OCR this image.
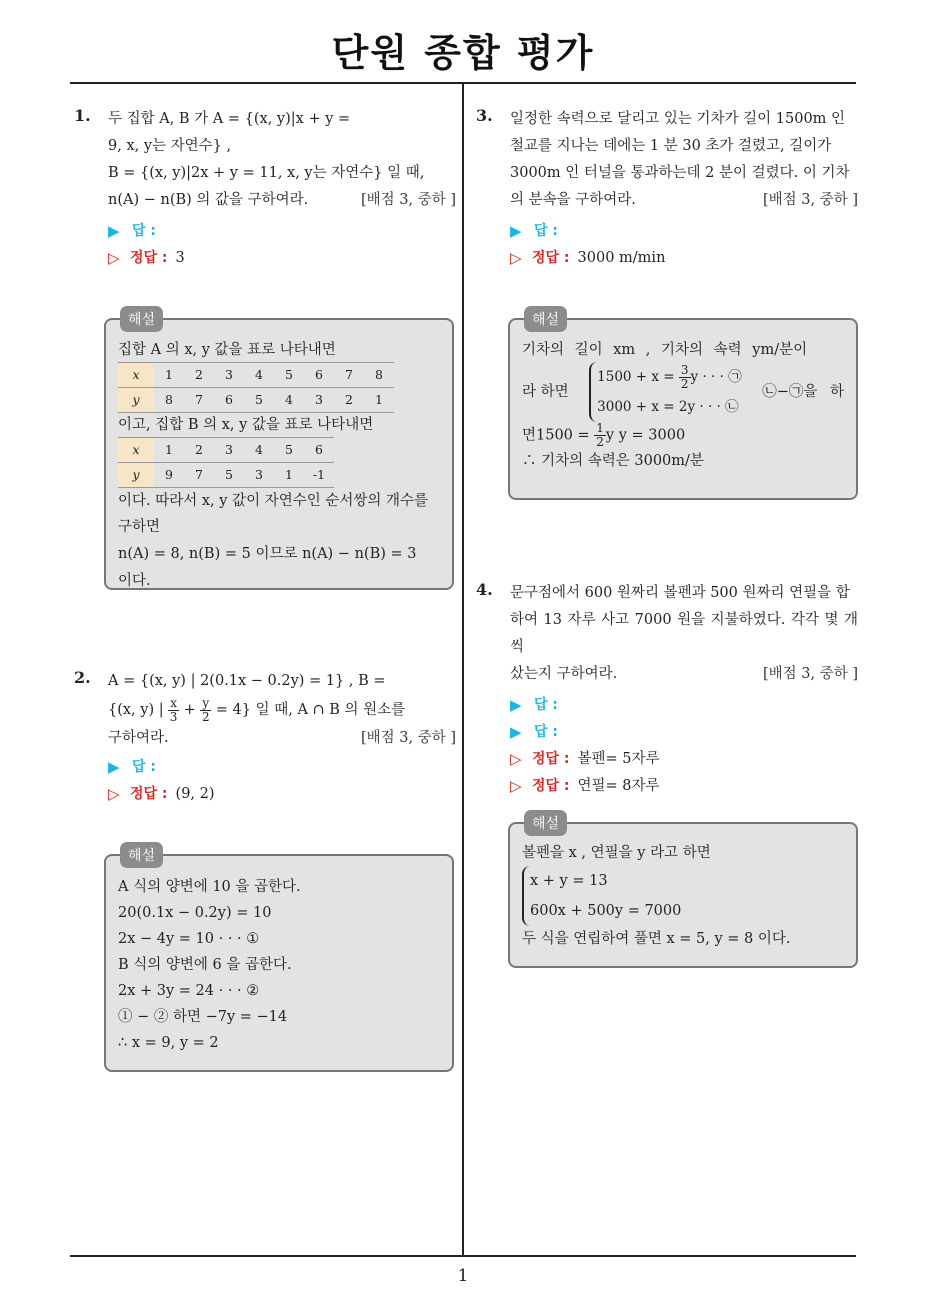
단원 종합 평가
1
1. 두 집합 A, B 가 A = {(x, y)|x + y =
9, x, y는 자연수} ,
B = {(x, y)|2x + y = 11, x, y는 자연수} 일 때,
n(A) − n(B) 의 값을 구하여라.	[배점 3, 중하 ]
▶ 답 :
▷ 정답 : 3
해설
집합 A 의 x, y 값을 표로 나타내면
x	1	2	3	4	5	6	7	8
y	8	7	6	5	4	3	2	1
이고, 집합 B 의 x, y 값을 표로 나타내면
x	1	2	3	4	5	6
y	9	7	5	3	1	-1
이다. 따라서 x, y 값이 자연수인 순서쌍의 개수를
구하면
n(A) = 8, n(B) = 5 이므로 n(A) − n(B) = 3
이다.
2. A = {(x, y) | 2(0.1x − 0.2y) = 1} , B =
{(x, y) | $\frac{x}{3} + \frac{y}{2} = 4$} 일 때, A ∩ B 의 원소를
구하여라.	[배점 3, 중하 ]
▶ 답 :
▷ 정답 : (9, 2)
해설
A 식의 양변에 10 을 곱한다.
20(0.1x − 0.2y) = 10
2x − 4y = 10 · · · ①
B 식의 양변에 6 을 곱한다.
2x + 3y = 24 · · · ②
① − ② 하면 −7y = −14
∴ x = 9, y = 2
3. 일정한 속력으로 달리고 있는 기차가 길이 1500m 인
철교를 지나는 데에는 1 분 30 초가 걸렸고, 길이가
3000m 인 터널을 통과하는데 2 분이 걸렸다. 이 기차
의 분속을 구하여라.	[배점 3, 중하 ]
▶ 답 :
▷ 정답 : 3000 m/min
해설
기차의 길이 xm , 기차의 속력 ym/분이
라 하면
$1500 + x = \frac{3}{2}$ y · · · ㉠
3000 + x = 2y · · · ㉡
㉡−㉠을 하
면$1500 = \frac{1}{2}$ y y = 3000
∴ 기차의 속력은 3000m/분
4. 문구점에서 600 원짜리 볼펜과 500 원짜리 연필을 합
하여 13 자루 사고 7000 원을 지불하였다. 각각 몇 개씩
샀는지 구하여라.	[배점 3, 중하 ]
▶ 답 :
▶ 답 :
▷ 정답 : 볼펜= 5자루
▷ 정답 : 연필= 8자루
해설
볼펜을 x , 연필을 y 라고 하면
x + y = 13
600x + 500y = 7000
두 식을 연립하여 풀면 x = 5, y = 8 이다.
